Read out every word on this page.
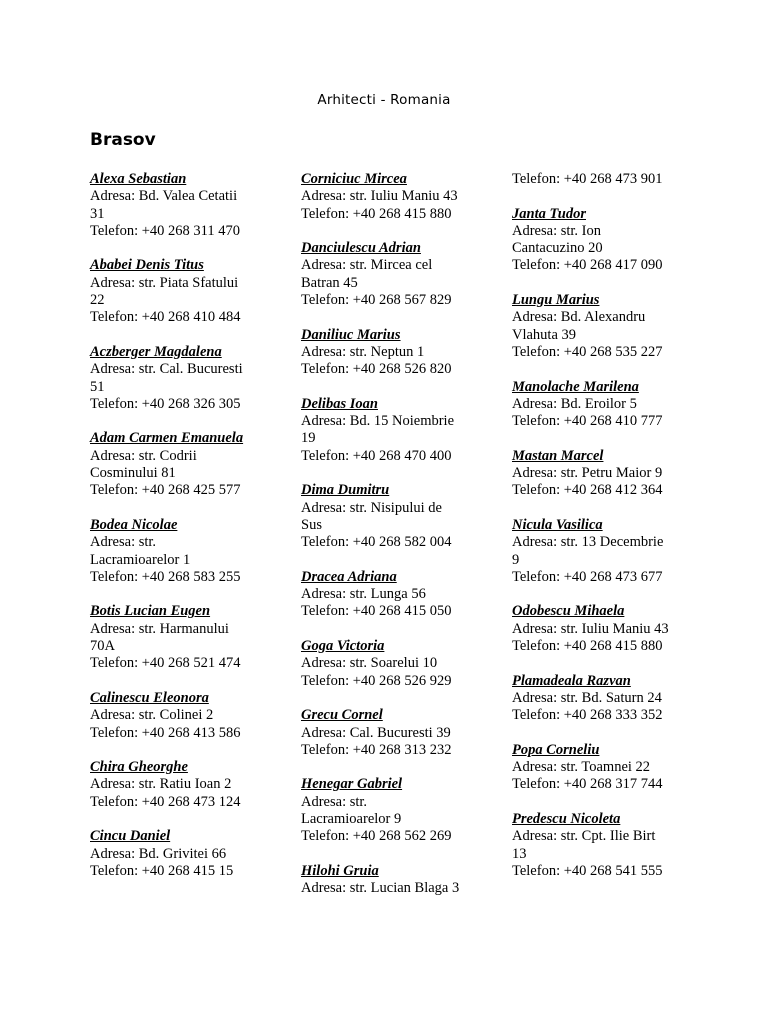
Arhitecti - Romania
Brasov
Alexa Sebastian
Adresa: Bd. Valea Cetatii
31
Telefon: +40 268 311 470
Ababei Denis Titus
Adresa: str. Piata Sfatului
22
Telefon: +40 268 410 484
Aczberger Magdalena
Adresa: str. Cal. Bucuresti
51
Telefon: +40 268 326 305
Adam Carmen Emanuela
Adresa: str. Codrii
Cosminului 81
Telefon: +40 268 425 577
Bodea Nicolae
Adresa: str.
Lacramioarelor 1
Telefon: +40 268 583 255
Botis Lucian Eugen
Adresa: str. Harmanului
70A
Telefon: +40 268 521 474
Calinescu Eleonora
Adresa: str. Colinei 2
Telefon: +40 268 413 586
Chira Gheorghe
Adresa: str. Ratiu Ioan 2
Telefon: +40 268 473 124
Cincu Daniel
Adresa: Bd. Grivitei 66
Telefon: +40 268 415 15
Corniciuc Mircea
Adresa: str. Iuliu Maniu 43
Telefon: +40 268 415 880
Danciulescu Adrian
Adresa: str. Mircea cel
Batran 45
Telefon: +40 268 567 829
Daniliuc Marius
Adresa: str. Neptun 1
Telefon: +40 268 526 820
Delibas Ioan
Adresa: Bd. 15 Noiembrie
19
Telefon: +40 268 470 400
Dima Dumitru
Adresa: str. Nisipului de
Sus
Telefon: +40 268 582 004
Dracea Adriana
Adresa: str. Lunga 56
Telefon: +40 268 415 050
Goga Victoria
Adresa: str. Soarelui 10
Telefon: +40 268 526 929
Grecu Cornel
Adresa: Cal. Bucuresti 39
Telefon: +40 268 313 232
Henegar Gabriel
Adresa: str.
Lacramioarelor 9
Telefon: +40 268 562 269
Hilohi Gruia
Adresa: str. Lucian Blaga 3
Telefon: +40 268 473 901
Janta Tudor
Adresa: str. Ion
Cantacuzino 20
Telefon: +40 268 417 090
Lungu Marius
Adresa: Bd. Alexandru
Vlahuta 39
Telefon: +40 268 535 227
Manolache Marilena
Adresa: Bd. Eroilor 5
Telefon: +40 268 410 777
Mastan Marcel
Adresa: str. Petru Maior 9
Telefon: +40 268 412 364
Nicula Vasilica
Adresa: str. 13 Decembrie
9
Telefon: +40 268 473 677
Odobescu Mihaela
Adresa: str. Iuliu Maniu 43
Telefon: +40 268 415 880
Plamadeala Razvan
Adresa: str. Bd. Saturn 24
Telefon: +40 268 333 352
Popa Corneliu
Adresa: str. Toamnei 22
Telefon: +40 268 317 744
Predescu Nicoleta
Adresa: str. Cpt. Ilie Birt
13
Telefon: +40 268 541 555
